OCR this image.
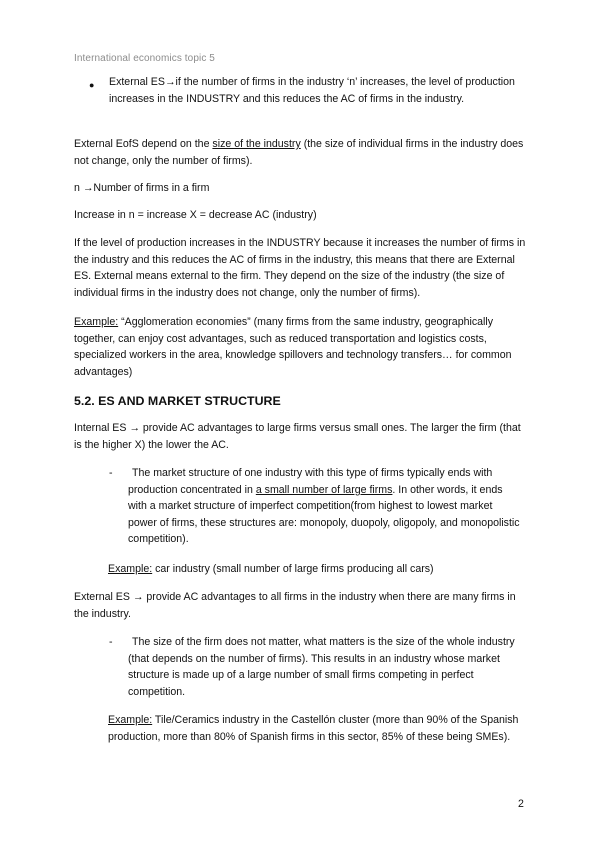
International economics topic 5
● External ES→if the number of firms in the industry ‘n’ increases, the level of production increases in the INDUSTRY and this reduces the AC of firms in the industry.

External EofS depend on the size of the industry (the size of individual firms in the industry does not change, only the number of firms).

n →Number of firms in a firm

Increase in n = increase X = decrease AC (industry)

If the level of production increases in the INDUSTRY because it increases the number of firms in the industry and this reduces the AC of firms in the industry, this means that there are External ES. External means external to the firm. They depend on the size of the industry (the size of individual firms in the industry does not change, only the number of firms).

Example: “Agglomeration economies” (many firms from the same industry, geographically together, can enjoy cost advantages, such as reduced transportation and logistics costs, specialized workers in the area, knowledge spillovers and technology transfers… for common advantages)

5.2. ES AND MARKET STRUCTURE

Internal ES → provide AC advantages to large firms versus small ones. The larger the firm (that is the higher X) the lower the AC.

-	The market structure of one industry with this type of firms typically ends with production concentrated in a small number of large firms. In other words, it ends with a market structure of imperfect competition(from highest to lowest market power of firms, these structures are: monopoly, duopoly, oligopoly, and monopolistic competition).

Example: car industry (small number of large firms producing all cars)

External ES → provide AC advantages to all firms in the industry when there are many firms in the industry.

-	The size of the firm does not matter, what matters is the size of the whole industry (that depends on the number of firms). This results in an industry whose market structure is made up of a large number of small firms competing in perfect competition.

Example: Tile/Ceramics industry in the Castellón cluster (more than 90% of the Spanish production, more than 80% of Spanish firms in this sector, 85% of these being SMEs).

2
